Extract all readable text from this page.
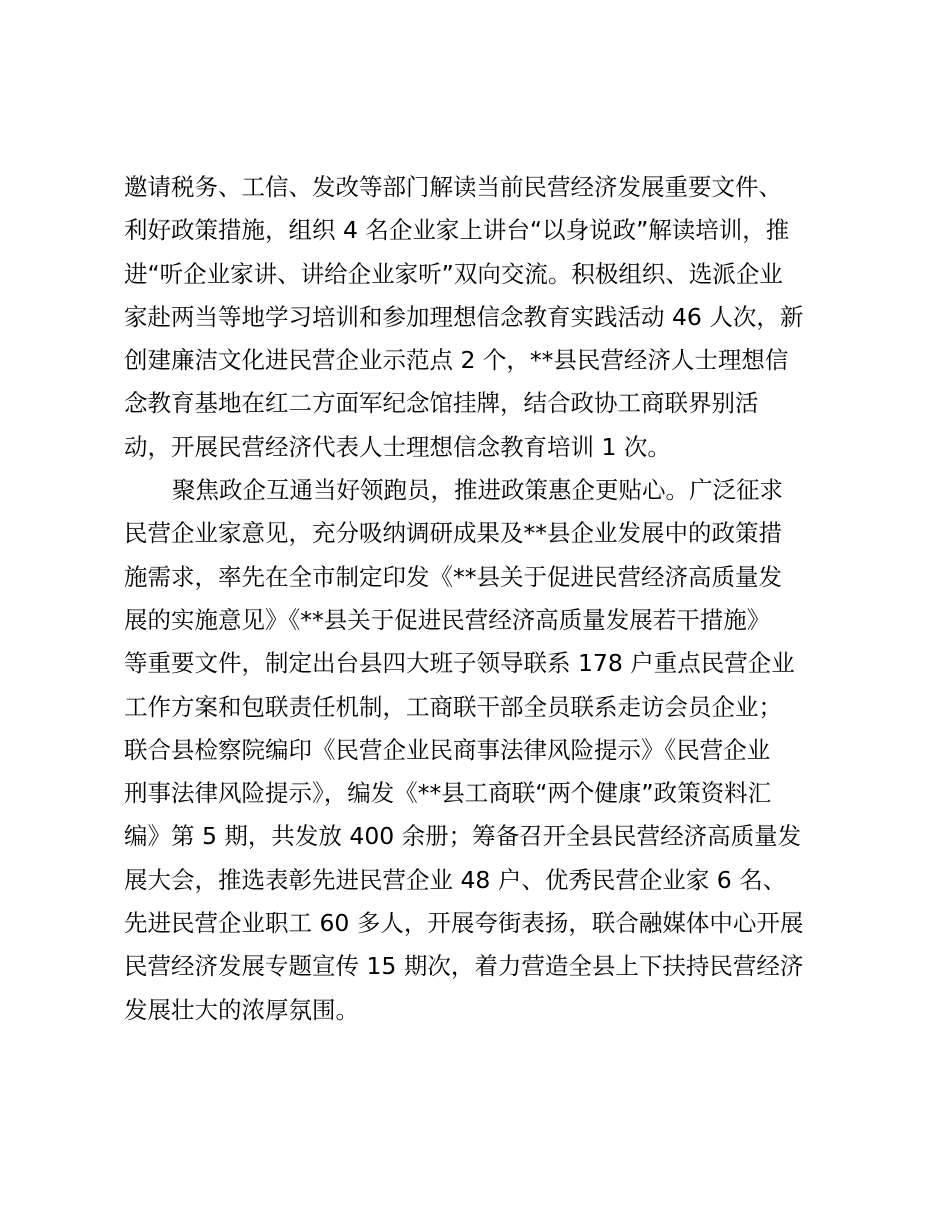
邀请税务、工信、发改等部门解读当前民营经济发展重要文件、
利好政策措施，组织 4 名企业家上讲台“以身说政”解读培训，推
进“听企业家讲、讲给企业家听”双向交流。积极组织、选派企业
家赴两当等地学习培训和参加理想信念教育实践活动 46 人次，新
创建廉洁文化进民营企业示范点 2 个，**县民营经济人士理想信
念教育基地在红二方面军纪念馆挂牌，结合政协工商联界别活
动，开展民营经济代表人士理想信念教育培训 1 次。
聚焦政企互通当好领跑员，推进政策惠企更贴心。广泛征求
民营企业家意见，充分吸纳调研成果及**县企业发展中的政策措
施需求，率先在全市制定印发《**县关于促进民营经济高质量发
展的实施意见》《**县关于促进民营经济高质量发展若干措施》
等重要文件，制定出台县四大班子领导联系 178 户重点民营企业
工作方案和包联责任机制，工商联干部全员联系走访会员企业；
联合县检察院编印《民营企业民商事法律风险提示》《民营企业
刑事法律风险提示》，编发《**县工商联“两个健康”政策资料汇
编》第 5 期，共发放 400 余册；筹备召开全县民营经济高质量发
展大会，推选表彰先进民营企业 48 户、优秀民营企业家 6 名、
先进民营企业职工 60 多人，开展夸街表扬，联合融媒体中心开展
民营经济发展专题宣传 15 期次，着力营造全县上下扶持民营经济
发展壮大的浓厚氛围。
